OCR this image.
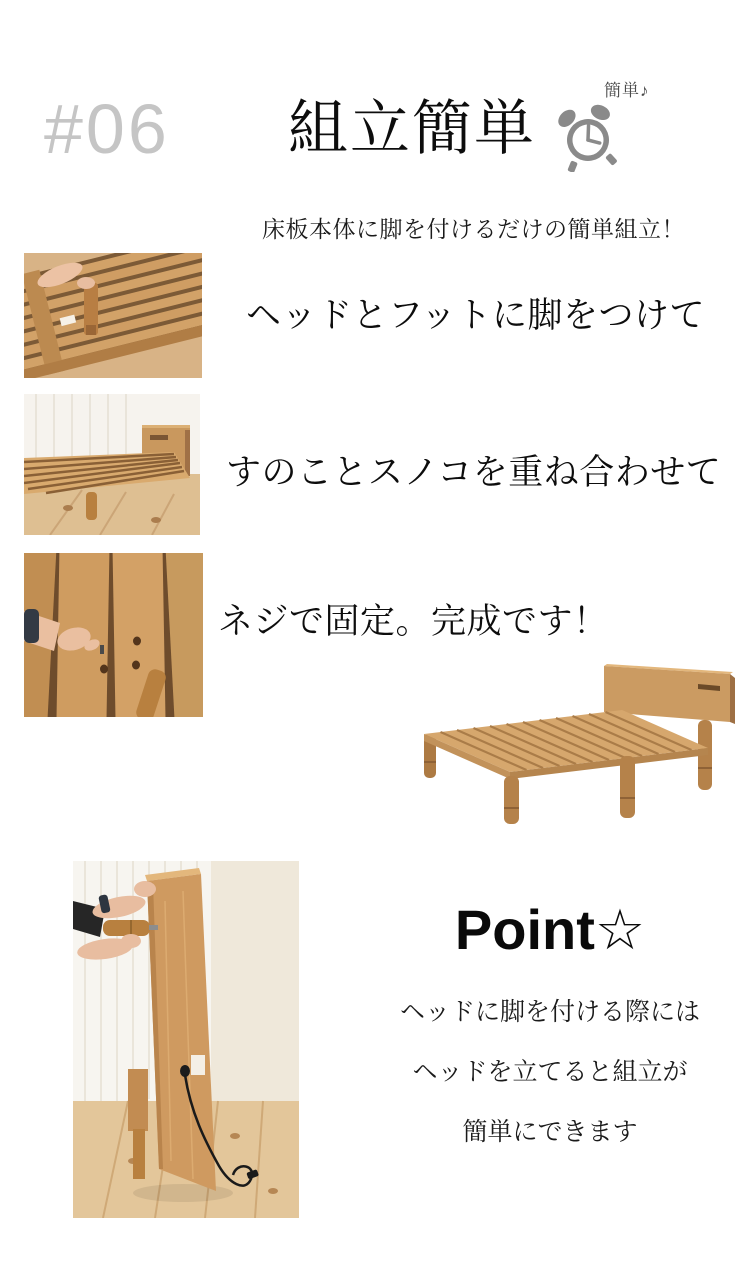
#06 組立簡単
簡単♪
床板本体に脚を付けるだけの簡単組立！
ヘッドとフットに脚をつけて
すのことスノコを重ね合わせて
ネジで固定。完成です！
Point☆
ヘッドに脚を付ける際には
ヘッドを立てると組立が
簡単にできます
